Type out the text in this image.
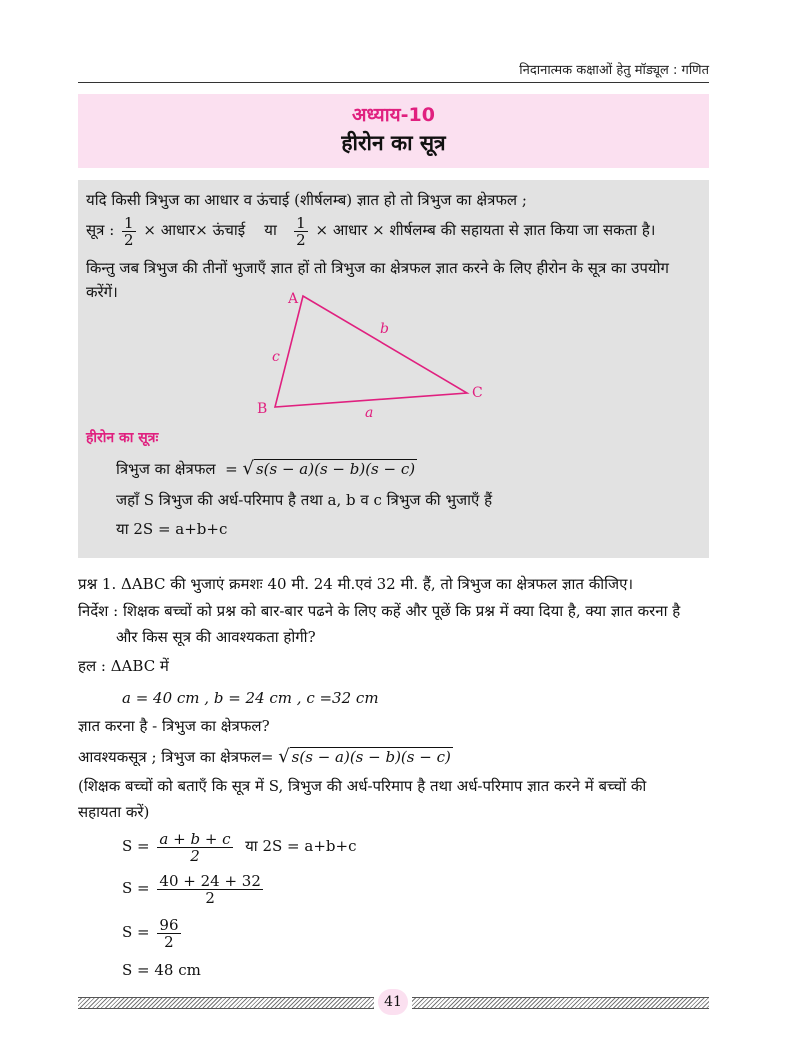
निदानात्मक कक्षाओं हेतु मॉड्यूल : गणित
अध्याय-10
हीरोन का सूत्र
यदि किसी त्रिभुज का आधार व ऊंचाई (शीर्षलम्ब) ज्ञात हो तो त्रिभुज का क्षेत्रफल ;
सूत्र : $\frac{1}{2}$ × आधार× ऊंचाई या $\frac{1}{2}$ × आधार × शीर्षलम्ब की सहायता से ज्ञात किया जा सकता है।
किन्तु जब त्रिभुज की तीनों भुजाएँ ज्ञात हों तो त्रिभुज का क्षेत्रफल ज्ञात करने के लिए हीरोन के सूत्र का उपयोग
करेंगें।	A
B
C
b
c
a
हीरोन का सूत्रः
त्रिभुज का क्षेत्रफल = √ s(s − a)(s − b)(s − c)
जहाँ S त्रिभुज की अर्ध-परिमाप है तथा a, b व c त्रिभुज की भुजाएँ हैं
या 2S = a+b+c
प्रश्न 1. ΔABC की भुजाएं क्रमशः 40 मी. 24 मी.एवं 32 मी. हैं, तो त्रिभुज का क्षेत्रफल ज्ञात कीजिए।
निर्देश : शिक्षक बच्चों को प्रश्न को बार-बार पढने के लिए कहें और पूछें कि प्रश्न में क्या दिया है, क्या ज्ञात करना है
और किस सूत्र की आवश्यकता होगी?
हल : ΔABC में
a = 40 cm , b = 24 cm , c =32 cm
ज्ञात करना है - त्रिभुज का क्षेत्रफल?
आवश्यकसूत्र ; त्रिभुज का क्षेत्रफल= √ s(s − a)(s − b)(s − c)
(शिक्षक बच्चों को बताएँ कि सूत्र में S, त्रिभुज की अर्ध-परिमाप है तथा अर्ध-परिमाप ज्ञात करने में बच्चों की
सहायता करें)
$S = \frac{a + b + c}{2}$ या 2S = a+b+c
$S = \frac{40 + 24 + 32}{2}$
$S = \frac{96}{2}$
S = 48 cm
41
